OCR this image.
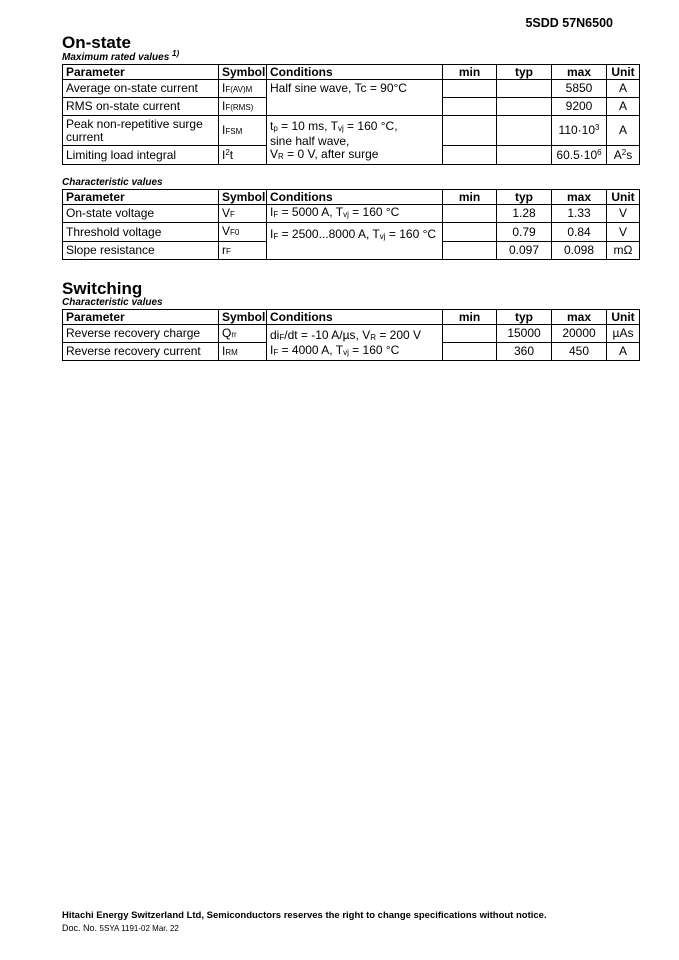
5SDD 57N6500
On-state
Maximum rated values $^{1)}$
Parameter	Symbol	Conditions	min	typ	max	Unit
Average on-state current	IF(AV)M	Half sine wave, Tc = 90°C			5850	A
RMS on-state current	IF(RMS)				9200	A
Peak non-repetitive surge current	IFSM	$t_p = 10$ ms, $T_{vj} = 160$ °C,
sine half wave,
$V_R = 0$ V, after surge			$110\cdot 10^3$	A
Limiting load integral	$I^2t$				$60.5\cdot 10^6$	$A^2s$
Characteristic values
Parameter	Symbol	Conditions	min	typ	max	Unit
On-state voltage	VF	$I_F = 5000$ A, $T_{vj} = 160$ °C		1.28	1.33	V
Threshold voltage	VF0	$I_F = 2500...8000$ A, $T_{vj} = 160$ °C		0.79	0.84	V
Slope resistance	rF			0.097	0.098	mΩ
Switching
Characteristic values
Parameter	Symbol	Conditions	min	typ	max	Unit
Reverse recovery charge	Qrr	$di_F/dt = -10$ A/µs, $V_R = 200$ V
$I_F = 4000$ A, $T_{vj} = 160$ °C		15000	20000	µAs
Reverse recovery current	IRM			360	450	A
Hitachi Energy Switzerland Ltd, Semiconductors reserves the right to change specifications without notice.
Doc. No. 5SYA 1191-02 Mar. 22
